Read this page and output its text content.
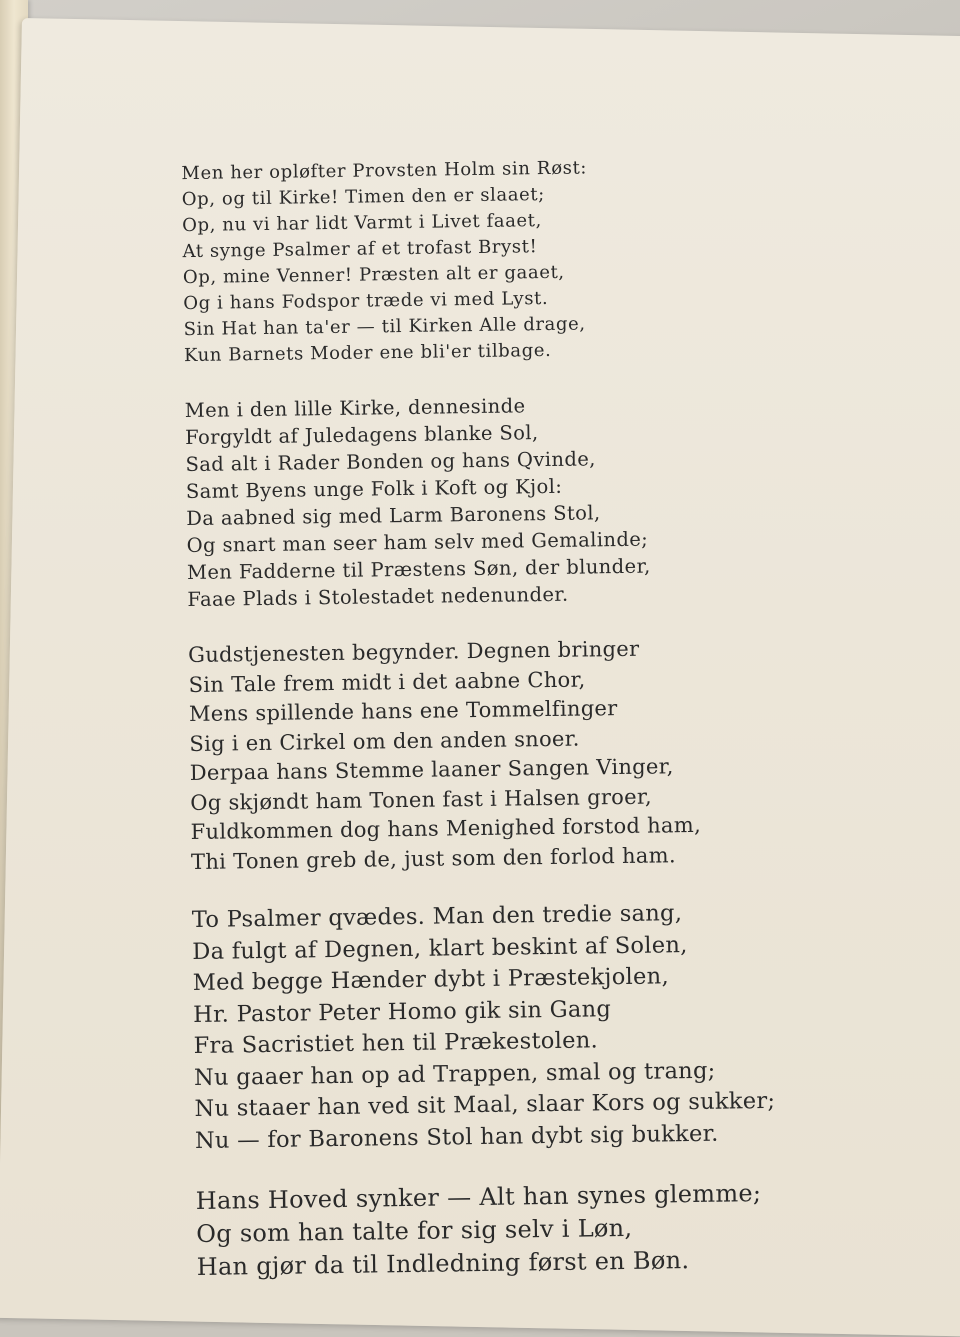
Men her opløfter Provsten Holm sin Røst:
Op, og til Kirke! Timen den er slaaet;
Op, nu vi har lidt Varmt i Livet faaet,
At synge Psalmer af et trofast Bryst!
Op, mine Venner! Præsten alt er gaaet,
Og i hans Fodspor træde vi med Lyst.
Sin Hat han ta'er — til Kirken Alle drage,
Kun Barnets Moder ene bli'er tilbage.
Men i den lille Kirke, dennesinde
Forgyldt af Juledagens blanke Sol,
Sad alt i Rader Bonden og hans Qvinde,
Samt Byens unge Folk i Koft og Kjol:
Da aabned sig med Larm Baronens Stol,
Og snart man seer ham selv med Gemalinde;
Men Fadderne til Præstens Søn, der blunder,
Faae Plads i Stolestadet nedenunder.
Gudstjenesten begynder. Degnen bringer
Sin Tale frem midt i det aabne Chor,
Mens spillende hans ene Tommelfinger
Sig i en Cirkel om den anden snoer.
Derpaa hans Stemme laaner Sangen Vinger,
Og skjøndt ham Tonen fast i Halsen groer,
Fuldkommen dog hans Menighed forstod ham,
Thi Tonen greb de, just som den forlod ham.
To Psalmer qvædes. Man den tredie sang,
Da fulgt af Degnen, klart beskint af Solen,
Med begge Hænder dybt i Præstekjolen,
Hr. Pastor Peter Homo gik sin Gang
Fra Sacristiet hen til Prækestolen.
Nu gaaer han op ad Trappen, smal og trang;
Nu staaer han ved sit Maal, slaar Kors og sukker;
Nu — for Baronens Stol han dybt sig bukker.
Hans Hoved synker — Alt han synes glemme;
Og som han talte for sig selv i Løn,
Han gjør da til Indledning først en Bøn.
